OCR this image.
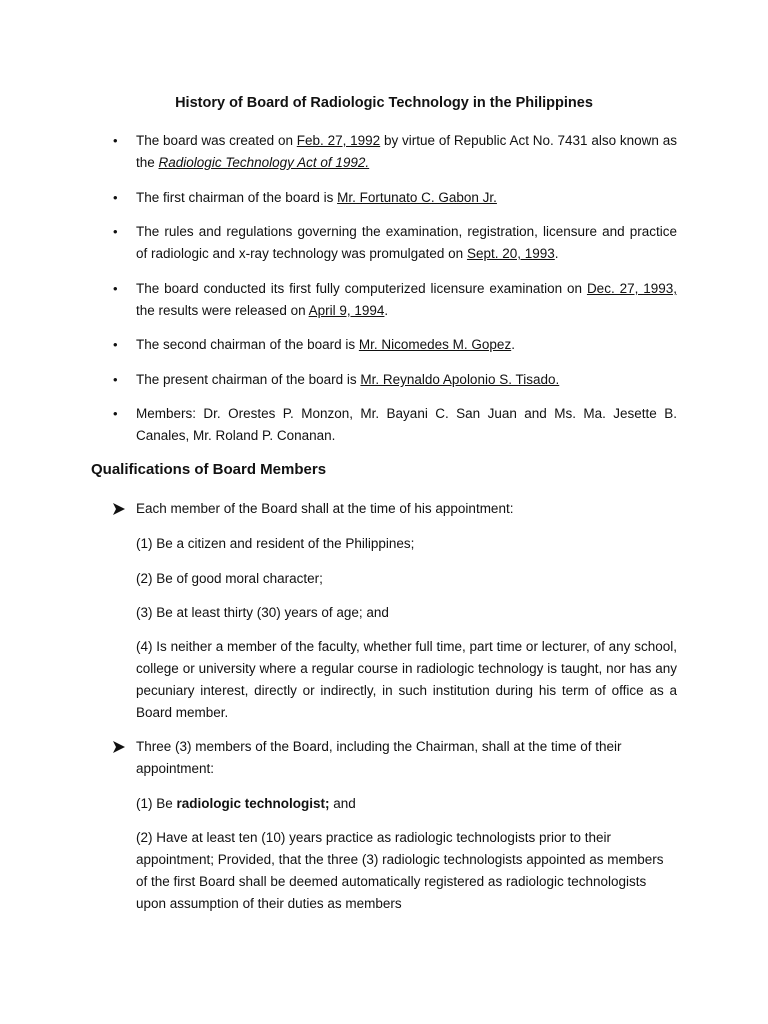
History of Board of Radiologic Technology in the Philippines
• The board was created on Feb. 27, 1992 by virtue of Republic Act No. 7431 also known as the Radiologic Technology Act of 1992.
• The first chairman of the board is Mr. Fortunato C. Gabon Jr.
• The rules and regulations governing the examination, registration, licensure and practice of radiologic and x-ray technology was promulgated on Sept. 20, 1993.
• The board conducted its first fully computerized licensure examination on Dec. 27, 1993, the results were released on April 9, 1994.
• The second chairman of the board is Mr. Nicomedes M. Gopez.
• The present chairman of the board is Mr. Reynaldo Apolonio S. Tisado.
• Members: Dr. Orestes P. Monzon, Mr. Bayani C. San Juan and Ms. Ma. Jesette B. Canales, Mr. Roland P. Conanan.
Qualifications of Board Members
Each member of the Board shall at the time of his appointment:
(1) Be a citizen and resident of the Philippines;
(2) Be of good moral character;
(3) Be at least thirty (30) years of age; and
(4) Is neither a member of the faculty, whether full time, part time or lecturer, of any school, college or university where a regular course in radiologic technology is taught, nor has any pecuniary interest, directly or indirectly, in such institution during his term of office as a Board member.
Three (3) members of the Board, including the Chairman, shall at the time of their appointment:
(1) Be radiologic technologist; and
(2) Have at least ten (10) years practice as radiologic technologists prior to their appointment; Provided, that the three (3) radiologic technologists appointed as members of the first Board shall be deemed automatically registered as radiologic technologists upon assumption of their duties as members
